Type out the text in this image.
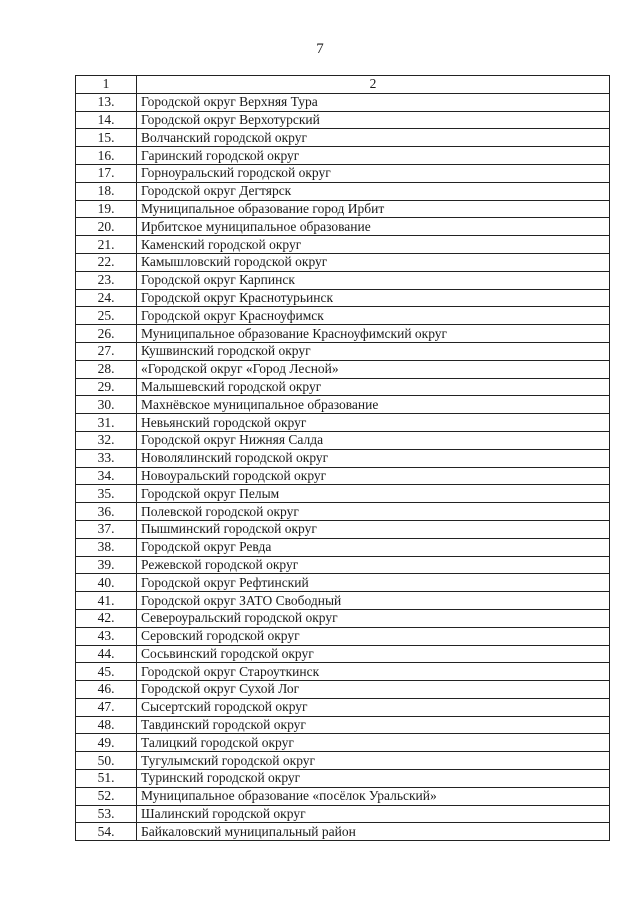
7
1	2
13.	Городской округ Верхняя Тура
14.	Городской округ Верхотурский
15.	Волчанский городской округ
16.	Гаринский городской округ
17.	Горноуральский городской округ
18.	Городской округ Дегтярск
19.	Муниципальное образование город Ирбит
20.	Ирбитское муниципальное образование
21.	Каменский городской округ
22.	Камышловский городской округ
23.	Городской округ Карпинск
24.	Городской округ Краснотурьинск
25.	Городской округ Красноуфимск
26.	Муниципальное образование Красноуфимский округ
27.	Кушвинский городской округ
28.	«Городской округ «Город Лесной»
29.	Малышевский городской округ
30.	Махнёвское муниципальное образование
31.	Невьянский городской округ
32.	Городской округ Нижняя Салда
33.	Новолялинский городской округ
34.	Новоуральский городской округ
35.	Городской округ Пелым
36.	Полевской городской округ
37.	Пышминский городской округ
38.	Городской округ Ревда
39.	Режевской городской округ
40.	Городской округ Рефтинский
41.	Городской округ ЗАТО Свободный
42.	Североуральский городской округ
43.	Серовский городской округ
44.	Сосьвинский городской округ
45.	Городской округ Староуткинск
46.	Городской округ Сухой Лог
47.	Сысертский городской округ
48.	Тавдинский городской округ
49.	Талицкий городской округ
50.	Тугулымский городской округ
51.	Туринский городской округ
52.	Муниципальное образование «посёлок Уральский»
53.	Шалинский городской округ
54.	Байкаловский муниципальный район
